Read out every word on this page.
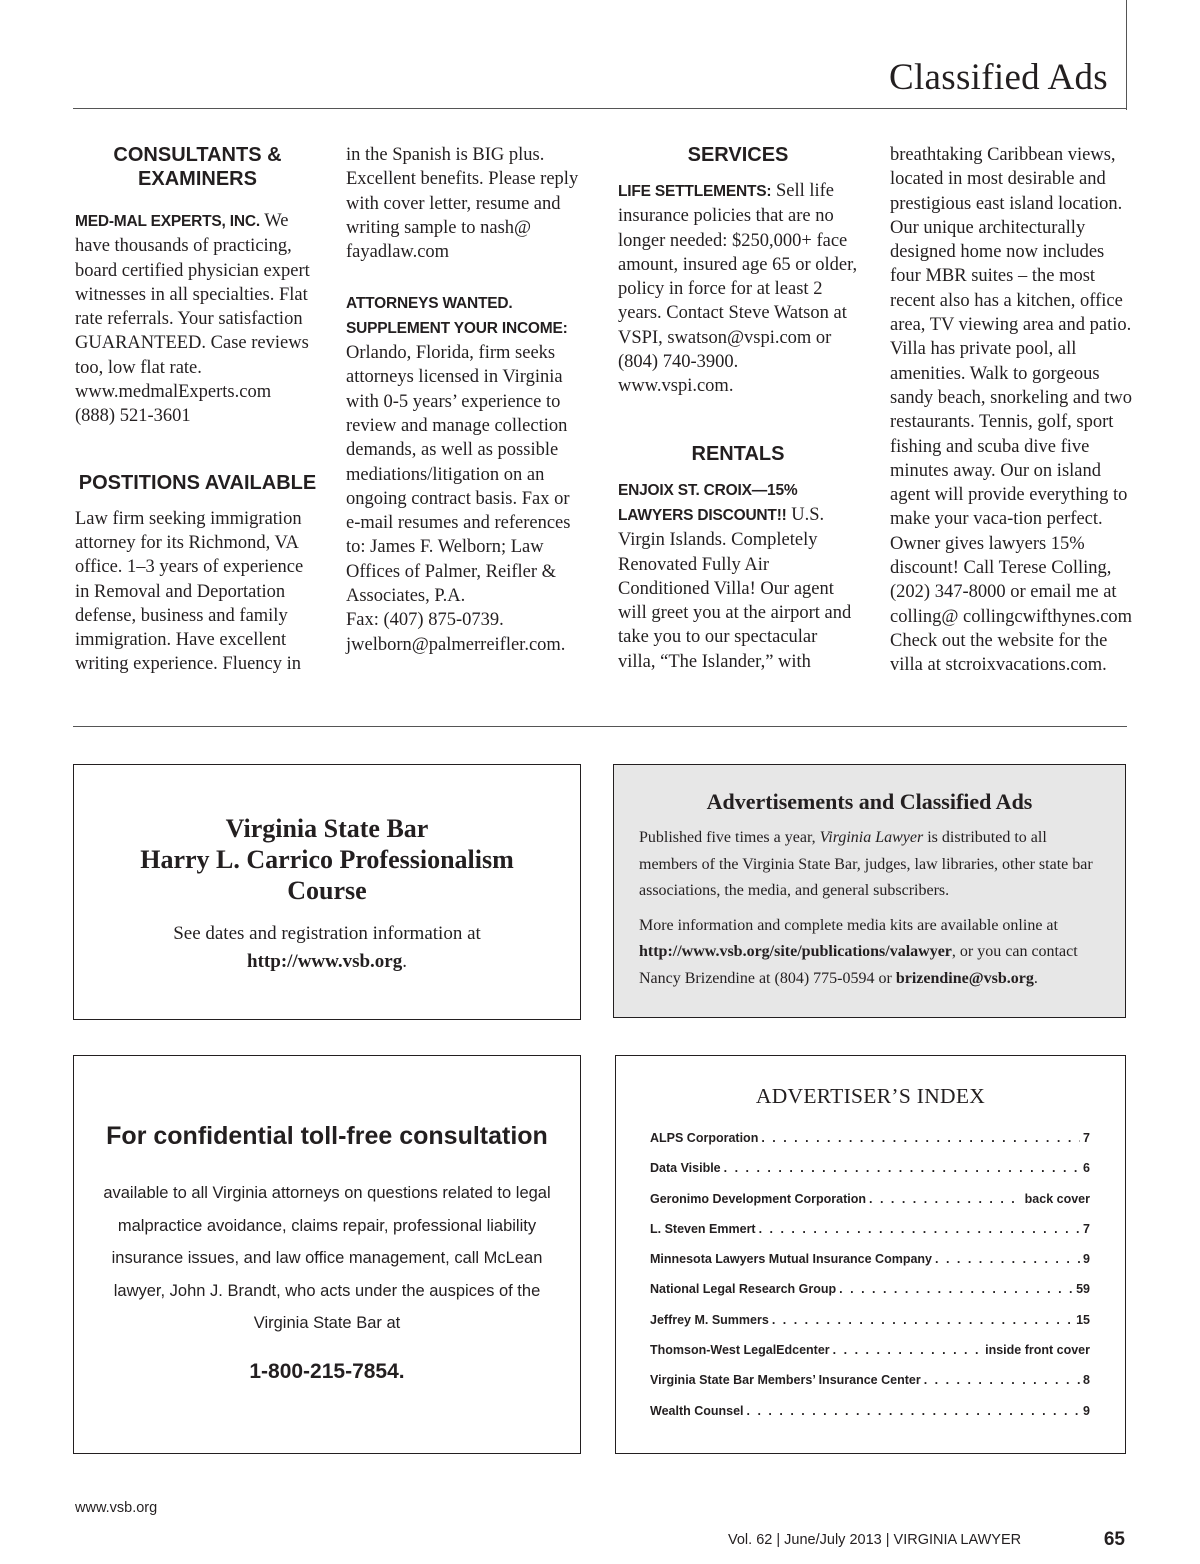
Classified Ads
CONSULTANTS & EXAMINERS

MED-MAL EXPERTS, INC. We have thousands of practicing, board certified physician expert witnesses in all specialties. Flat rate referrals. Your satisfaction GUARANTEED. Case reviews too, low flat rate.
www.medmalExperts.com
(888) 521-3601

POSTITIONS AVAILABLE

Law firm seeking immigration attorney for its Richmond, VA office. 1–3 years of experience in Removal and Deportation defense, business and family immigration. Have excellent writing experience. Fluency in

in the Spanish is BIG plus. Excellent benefits. Please reply with cover letter, resume and writing sample to nash@ fayadlaw.com

ATTORNEYS WANTED.
SUPPLEMENT YOUR INCOME:
Orlando, Florida, firm seeks attorneys licensed in Virginia with 0-5 years’ experience to review and manage collection demands, as well as possible mediations/litigation on an ongoing contract basis. Fax or e-mail resumes and references to: James F. Welborn; Law Offices of Palmer, Reifler & Associates, P.A.
Fax: (407) 875-0739.
jwelborn@palmerreifler.com.

SERVICES

LIFE SETTLEMENTS: Sell life insurance policies that are no longer needed: $250,000+ face amount, insured age 65 or older, policy in force for at least 2 years. Contact Steve Watson at VSPI, swatson@vspi.com or (804) 740-3900. www.vspi.com.

RENTALS

ENJOIX ST. CROIX—15% LAWYERS DISCOUNT!! U.S. Virgin Islands. Completely Renovated Fully Air Conditioned Villa! Our agent will greet you at the airport and take you to our spectacular villa, “The Islander,” with

breathtaking Caribbean views, located in most desirable and prestigious east island location. Our unique architecturally designed home now includes four MBR suites – the most recent also has a kitchen, office area, TV viewing area and patio. Villa has private pool, all amenities. Walk to gorgeous sandy beach, snorkeling and two restaurants. Tennis, golf, sport fishing and scuba dive five minutes away. Our on island agent will provide everything to make your vaca-tion perfect. Owner gives lawyers 15% discount! Call Terese Colling, (202) 347-8000 or email me at colling@ collingcwifthynes.com Check out the website for the villa at stcroixvacations.com.

Virginia State Bar
Harry L. Carrico Professionalism
Course
See dates and registration information at
http://www.vsb.org.
Advertisements and Classified Ads

Published five times a year, Virginia Lawyer is distributed to all members of the Virginia State Bar, judges, law libraries, other state bar associations, the media, and general subscribers.

More information and complete media kits are available online at http://www.vsb.org/site/publications/valawyer, or you can contact Nancy Brizendine at (804) 775-0594 or brizendine@vsb.org.

For confidential toll-free consultation
available to all Virginia attorneys on questions related to legal malpractice avoidance, claims repair, professional liability insurance issues, and law office management, call McLean lawyer, John J. Brandt, who acts under the auspices of the Virginia State Bar at
1-800-215-7854.
ADVERTISER’S INDEX
ALPS Corporation . . .	7
Data Visible . . .	6
Geronimo Development Corporation . . .	back cover
L. Steven Emmert . . .	7
Minnesota Lawyers Mutual Insurance Company . . .	9
National Legal Research Group . . .	59
Jeffrey M. Summers . . .	15
Thomson-West LegalEdcenter . . .	inside front cover
Virginia State Bar Members’ Insurance Center . . .	8
Wealth Counsel . . .	9
www.vsb.org
Vol. 62 | June/July 2013 | VIRGINIA LAWYER	65
